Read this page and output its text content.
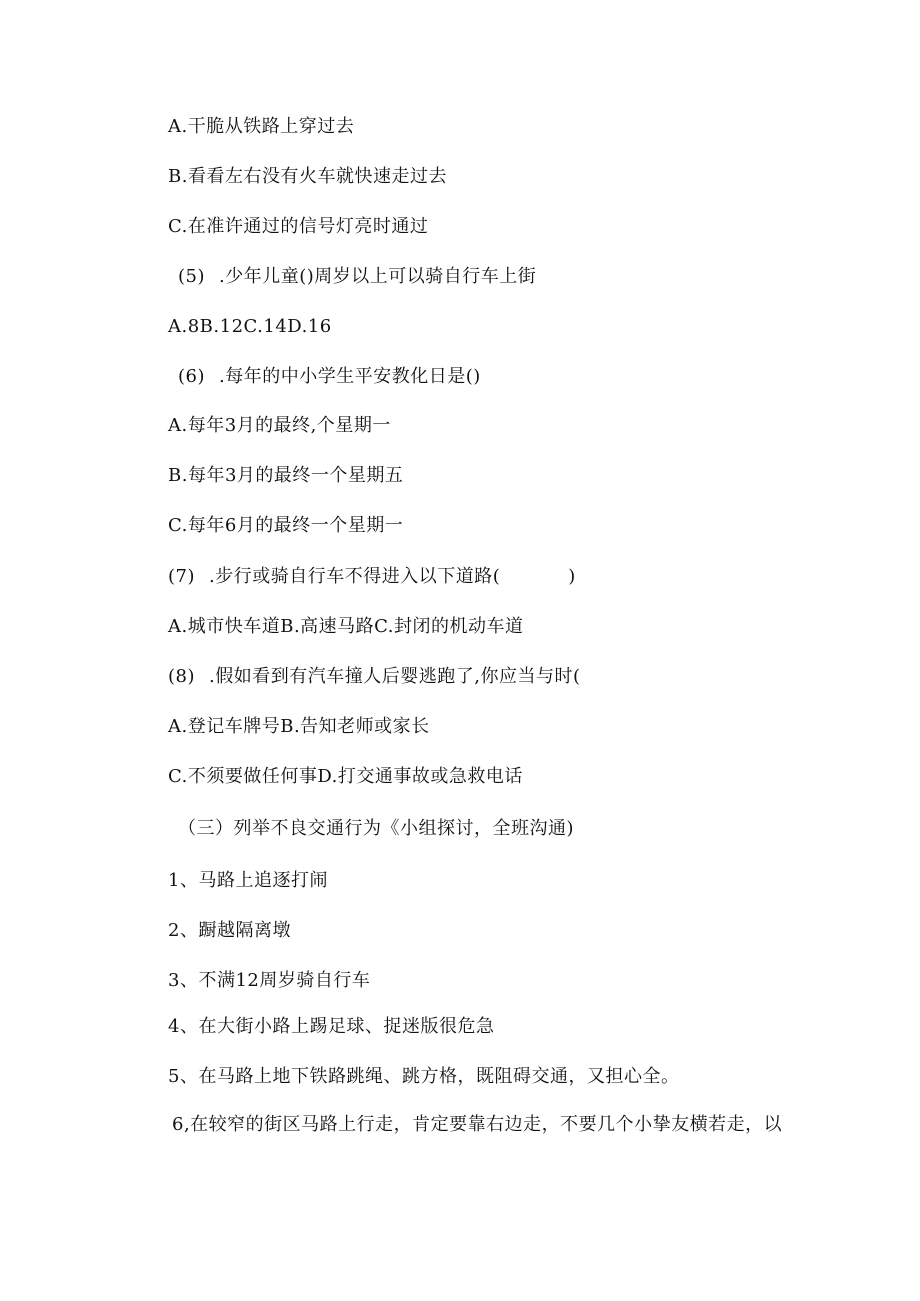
A.干脆从铁路上穿过去
B.看看左右没有火车就快速走过去
C.在准许通过的信号灯亮时通过
(5) .少年儿童()周岁以上可以骑自行车上街
A.8B.12C.14D.16
(6) .每年的中小学生平安教化日是()
A.每年3月的最终,个星期一
B.每年3月的最终一个星期五
C.每年6月的最终一个星期一
(7) .步行或骑自行车不得进入以下道路(	)
A.城市快车道B.高速马路C.封闭的机动车道
(8) .假如看到有汽车撞人后婴逃跑了,你应当与时(
A.登记车牌号B.告知老师或家长
C.不须要做任何事D.打交通事故或急救电话
（三）列举不良交通行为《小组探讨，全班沟通)
1、马路上追逐打闹
2、蹰越隔离墩
3、不满12周岁骑自行车
4、在大街小路上踢足球、捉迷版很危急
5、在马路上地下铁路跳绳、跳方格，既阻碍交通，又担心全。
6,在较窄的街区马路上行走，肯定要靠右边走，不要几个小挚友横若走，以
